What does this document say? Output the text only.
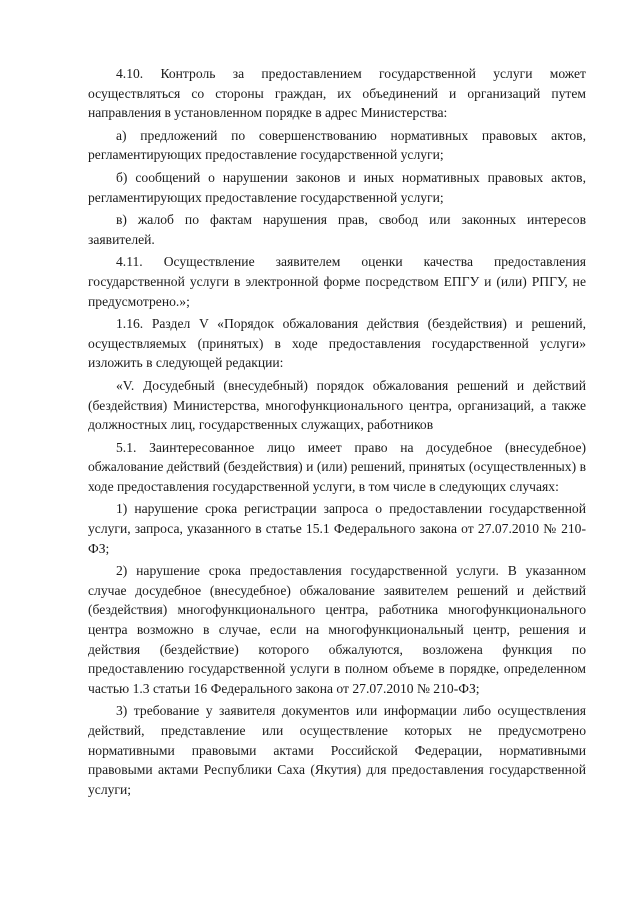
4.10. Контроль за предоставлением государственной услуги может осуществляться со стороны граждан, их объединений и организаций путем направления в установленном порядке в адрес Министерства:

а) предложений по совершенствованию нормативных правовых актов, регламентирующих предоставление государственной услуги;

б) сообщений о нарушении законов и иных нормативных правовых актов, регламентирующих предоставление государственной услуги;

в) жалоб по фактам нарушения прав, свобод или законных интересов заявителей.

4.11. Осуществление заявителем оценки качества предоставления государственной услуги в электронной форме посредством ЕПГУ и (или) РПГУ, не предусмотрено.»;

1.16. Раздел V «Порядок обжалования действия (бездействия) и решений, осуществляемых (принятых) в ходе предоставления государственной услуги» изложить в следующей редакции:

«V. Досудебный (внесудебный) порядок обжалования решений и действий (бездействия) Министерства, многофункционального центра, организаций, а также должностных лиц, государственных служащих, работников

5.1. Заинтересованное лицо имеет право на досудебное (внесудебное) обжалование действий (бездействия) и (или) решений, принятых (осуществленных) в ходе предоставления государственной услуги, в том числе в следующих случаях:

1) нарушение срока регистрации запроса о предоставлении государственной услуги, запроса, указанного в статье 15.1 Федерального закона от 27.07.2010 № 210-ФЗ;

2) нарушение срока предоставления государственной услуги. В указанном случае досудебное (внесудебное) обжалование заявителем решений и действий (бездействия) многофункционального центра, работника многофункционального центра возможно в случае, если на многофункциональный центр, решения и действия (бездействие) которого обжалуются, возложена функция по предоставлению государственной услуги в полном объеме в порядке, определенном частью 1.3 статьи 16 Федерального закона от 27.07.2010 № 210-ФЗ;

3) требование у заявителя документов или информации либо осуществления действий, представление или осуществление которых не предусмотрено нормативными правовыми актами Российской Федерации, нормативными правовыми актами Республики Саха (Якутия) для предоставления государственной услуги;
